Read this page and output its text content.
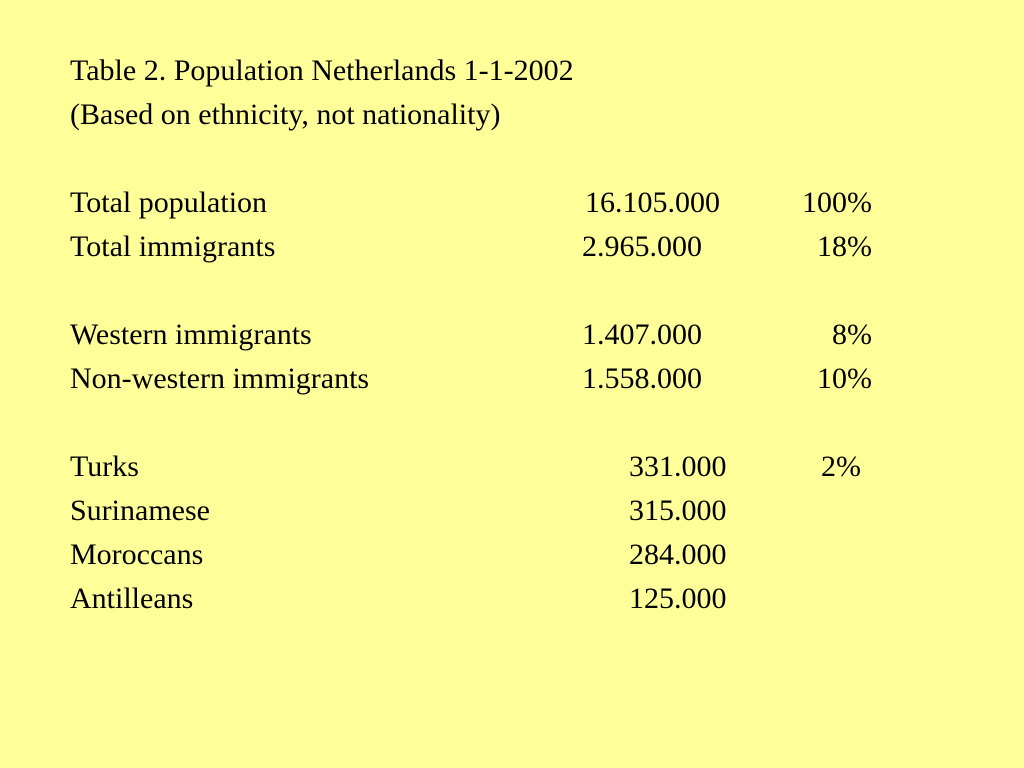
Table 2. Population Netherlands 1-1-2002
(Based on ethnicity, not nationality)
Total population	16.105.000	100%
Total immigrants	2.965.000	18%
Western immigrants	1.407.000	8%
Non-western immigrants	1.558.000	10%
Turks	331.000	2%
Surinamese	315.000
Moroccans	284.000
Antilleans	125.000
